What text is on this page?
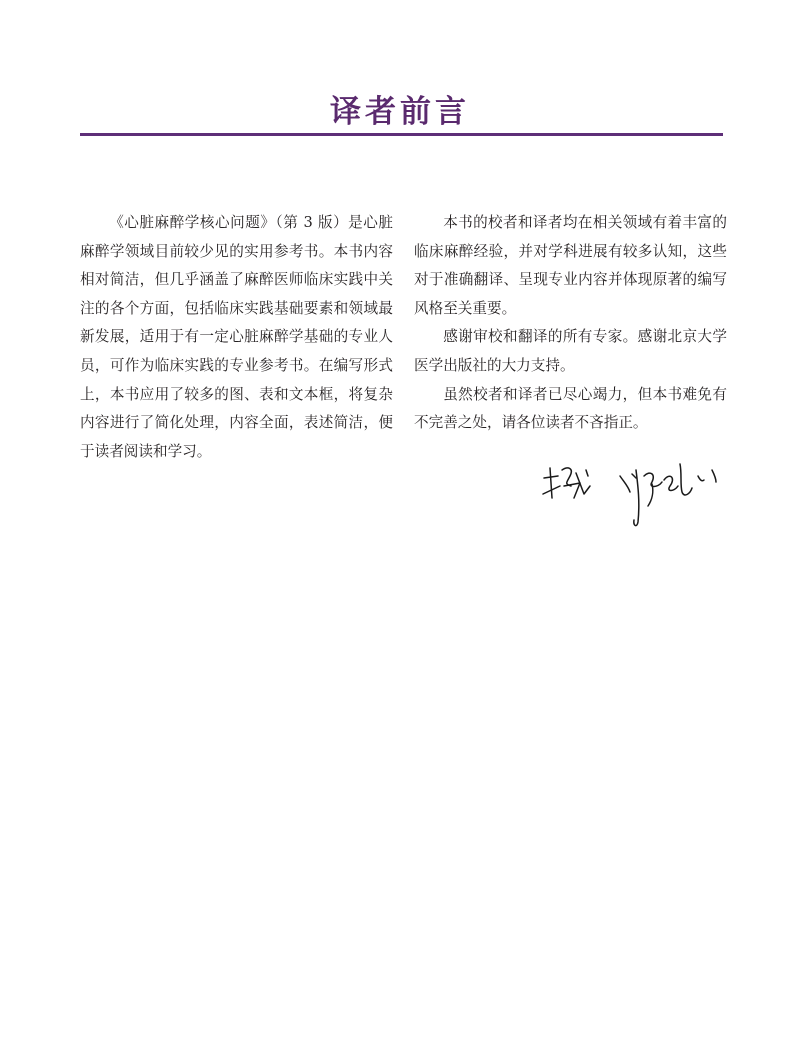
译者前言

《心脏麻醉学核心问题》（第 3 版）是心脏麻醉学领域目前较少见的实用参考书。本书内容相对简洁，但几乎涵盖了麻醉医师临床实践中关注的各个方面，包括临床实践基础要素和领域最新发展，适用于有一定心脏麻醉学基础的专业人员，可作为临床实践的专业参考书。在编写形式上，本书应用了较多的图、表和文本框，将复杂内容进行了简化处理，内容全面，表述简洁，便于读者阅读和学习。

本书的校者和译者均在相关领域有着丰富的临床麻醉经验，并对学科进展有较多认知，这些对于准确翻译、呈现专业内容并体现原著的编写风格至关重要。

感谢审校和翻译的所有专家。感谢北京大学医学出版社的大力支持。

虽然校者和译者已尽心竭力，但本书难免有不完善之处，请各位读者不吝指正。
